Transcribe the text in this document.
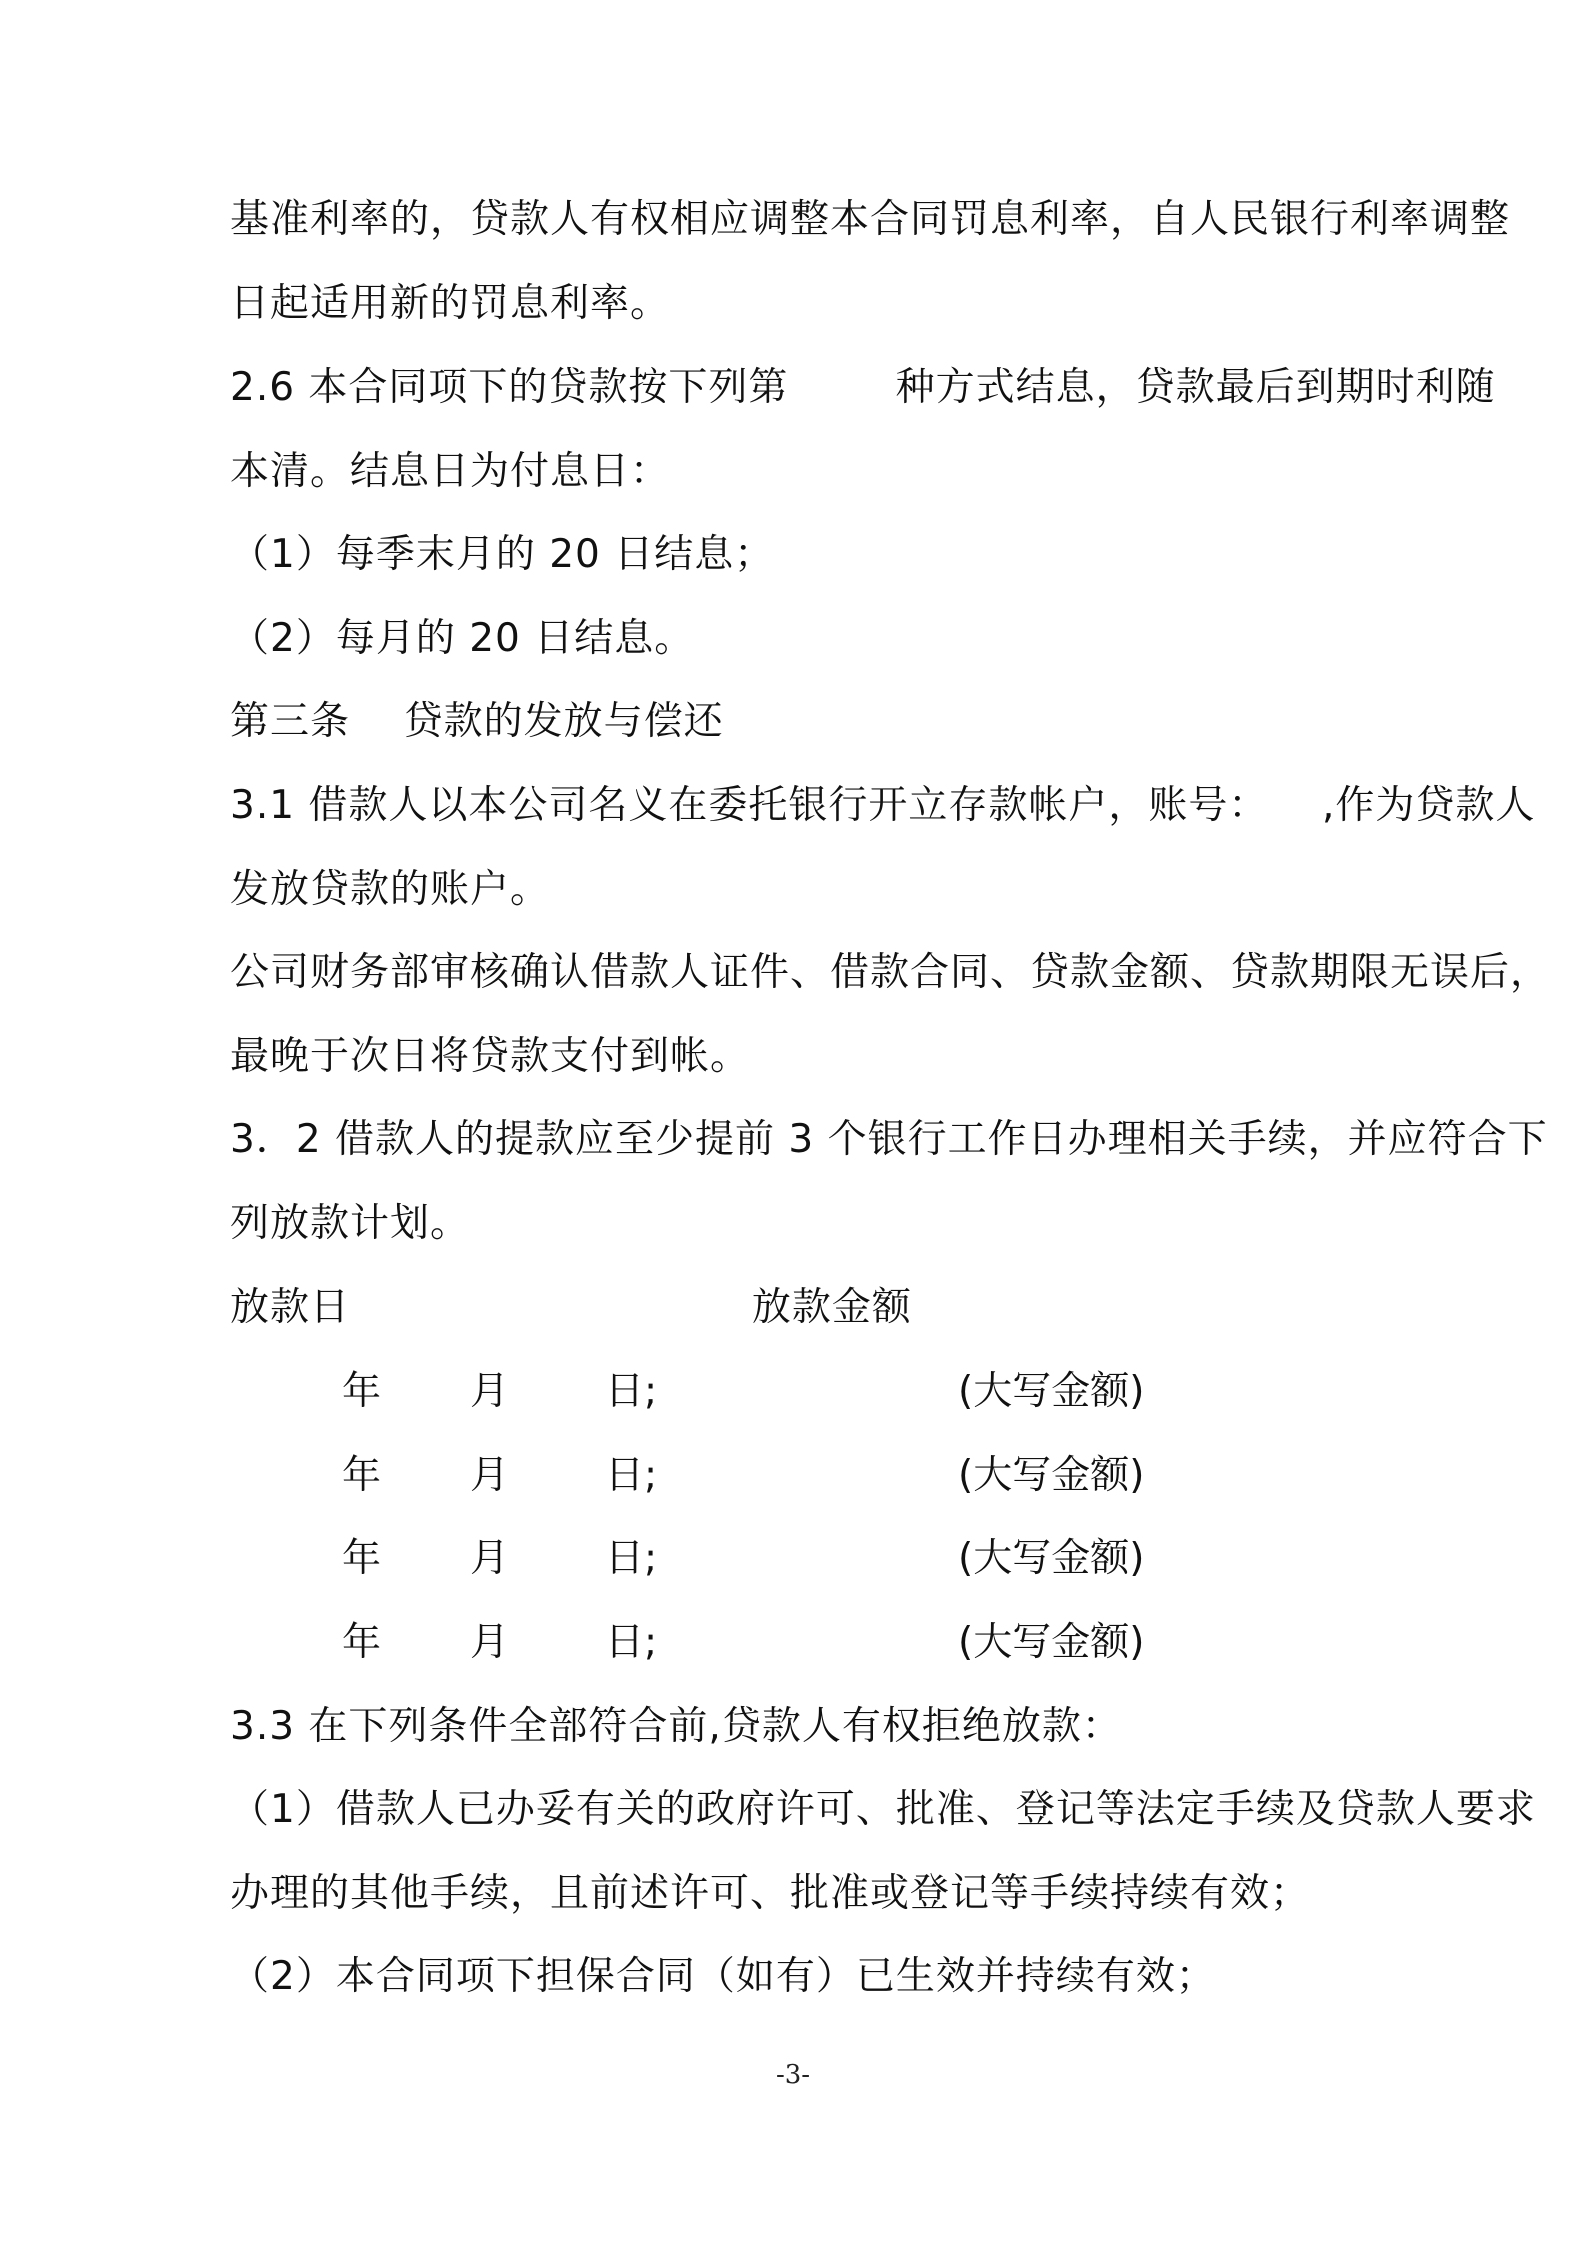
基准利率的，贷款人有权相应调整本合同罚息利率，自人民银行利率调整
日起适用新的罚息利率。
2.6 本合同项下的贷款按下列第        种方式结息，贷款最后到期时利随
本清。结息日为付息日：
（1）每季末月的 20 日结息；
（2）每月的 20 日结息。
第三条    贷款的发放与偿还
3.1 借款人以本公司名义在委托银行开立存款帐户，账号：    ,作为贷款人
发放贷款的账户。
公司财务部审核确认借款人证件、借款合同、贷款金额、贷款期限无误后，
最晚于次日将贷款支付到帐。
3．2 借款人的提款应至少提前 3 个银行工作日办理相关手续，并应符合下
列放款计划。
放款日                              放款金额
年 月 日;	(大写金额)
年 月 日;	(大写金额)
年 月 日;	(大写金额)
年 月 日;	(大写金额)
3.3 在下列条件全部符合前,贷款人有权拒绝放款：
（1）借款人已办妥有关的政府许可、批准、登记等法定手续及贷款人要求
办理的其他手续，且前述许可、批准或登记等手续持续有效；
（2）本合同项下担保合同（如有）已生效并持续有效；
-3-
